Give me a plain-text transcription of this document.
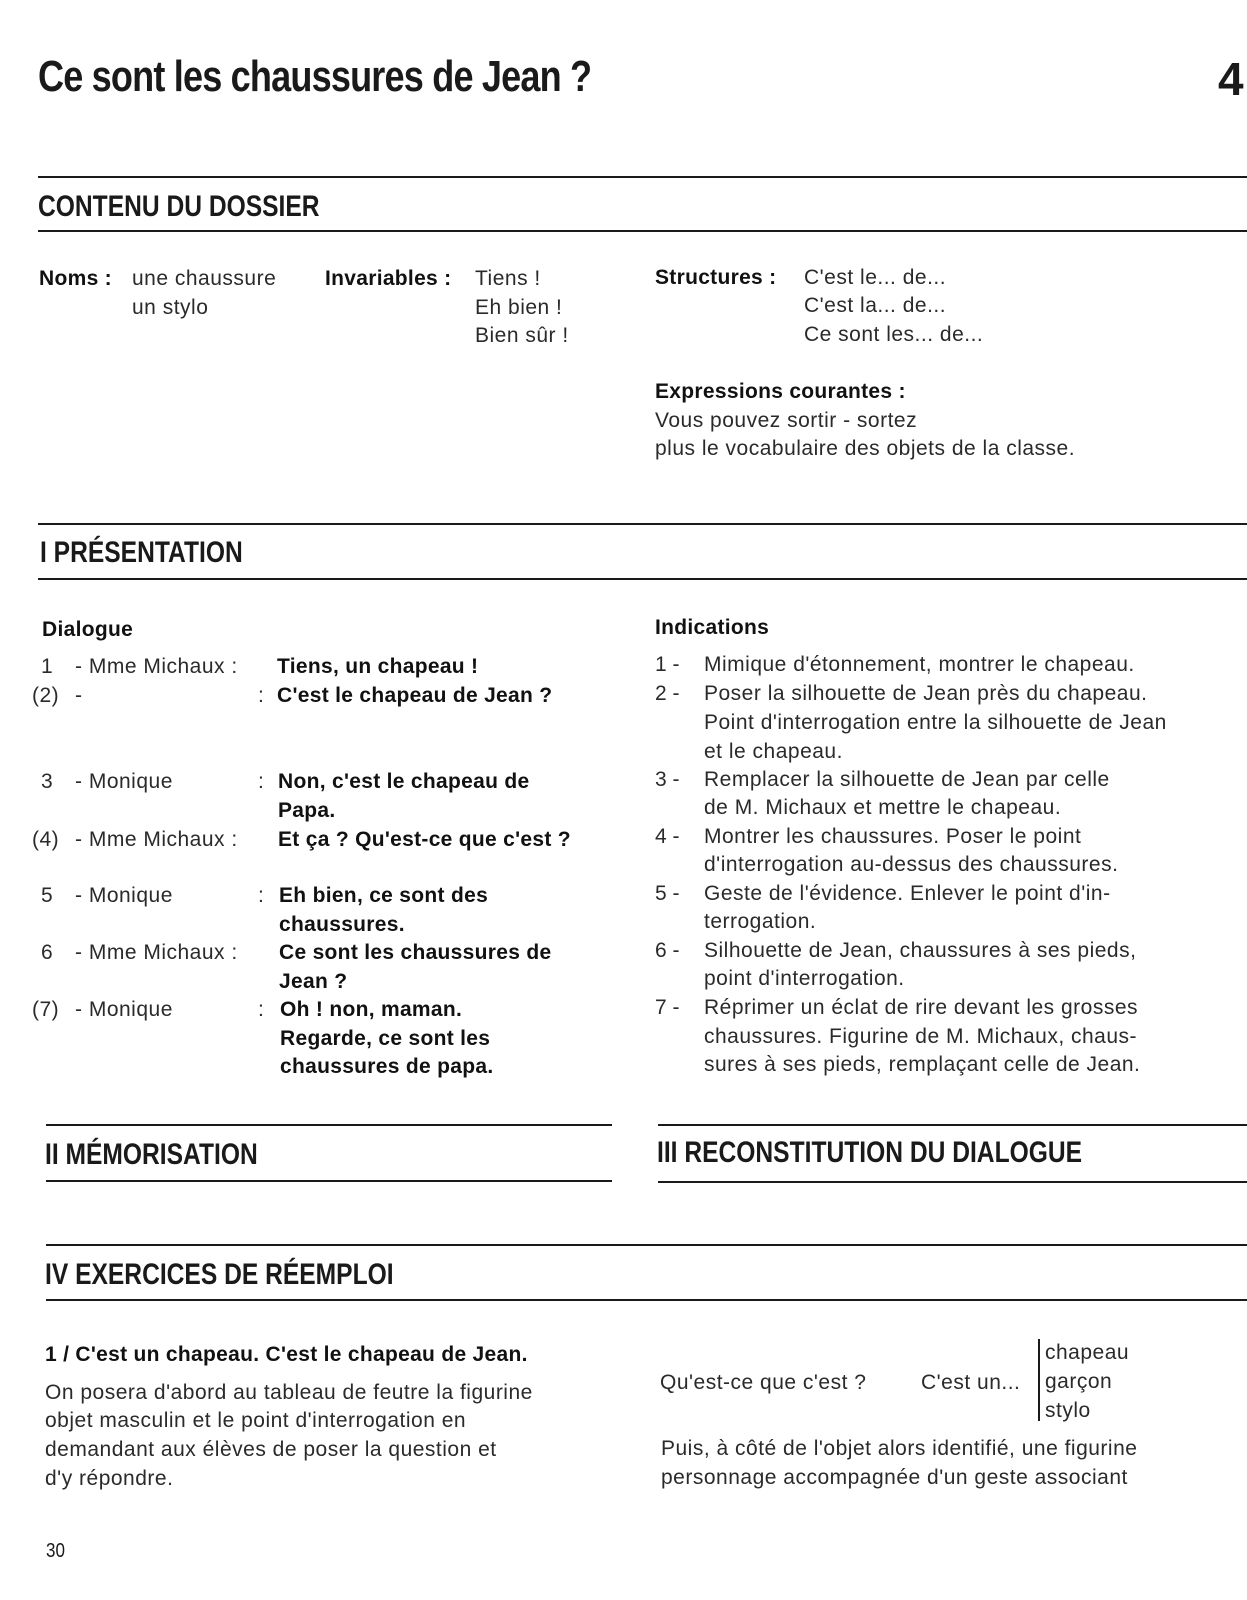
Ce sont les chaussures de Jean ?	4
CONTENU DU DOSSIER
Noms : une chaussure
un stylo
Invariables : Tiens !
Eh bien !
Bien sûr !
Structures : C'est le... de...
C'est la... de...
Ce sont les... de...
Expressions courantes :
Vous pouvez sortir - sortez
plus le vocabulaire des objets de la classe.
I PRÉSENTATION
Dialogue	Indications
1 - Mme Michaux : Tiens, un chapeau !
(2) -	: C'est le chapeau de Jean ?
3 - Monique	: Non, c'est le chapeau de
Papa.
(4) - Mme Michaux : Et ça ? Qu'est-ce que c'est ?
5 - Monique	: Eh bien, ce sont des
chaussures.
6 - Mme Michaux : Ce sont les chaussures de
Jean ?
(7) - Monique	: Oh ! non, maman.
Regarde, ce sont les
chaussures de papa.
1 - Mimique d'étonnement, montrer le chapeau.
2 - Poser la silhouette de Jean près du chapeau.
Point d'interrogation entre la silhouette de Jean
et le chapeau.
3 - Remplacer la silhouette de Jean par celle
de M. Michaux et mettre le chapeau.
4 - Montrer les chaussures. Poser le point
d'interrogation au-dessus des chaussures.
5 - Geste de l'évidence. Enlever le point d'in-
terrogation.
6 - Silhouette de Jean, chaussures à ses pieds,
point d'interrogation.
7 - Réprimer un éclat de rire devant les grosses
chaussures. Figurine de M. Michaux, chaus-
sures à ses pieds, remplaçant celle de Jean.
II MÉMORISATION	III RECONSTITUTION DU DIALOGUE
IV EXERCICES DE RÉEMPLOI
1 / C'est un chapeau. C'est le chapeau de Jean.
On posera d'abord au tableau de feutre la figurine
objet masculin et le point d'interrogation en
demandant aux élèves de poser la question et
d'y répondre.
Qu'est-ce que c'est ?	C'est un...
chapeau
garçon
stylo
Puis, à côté de l'objet alors identifié, une figurine
personnage accompagnée d'un geste associant
30
